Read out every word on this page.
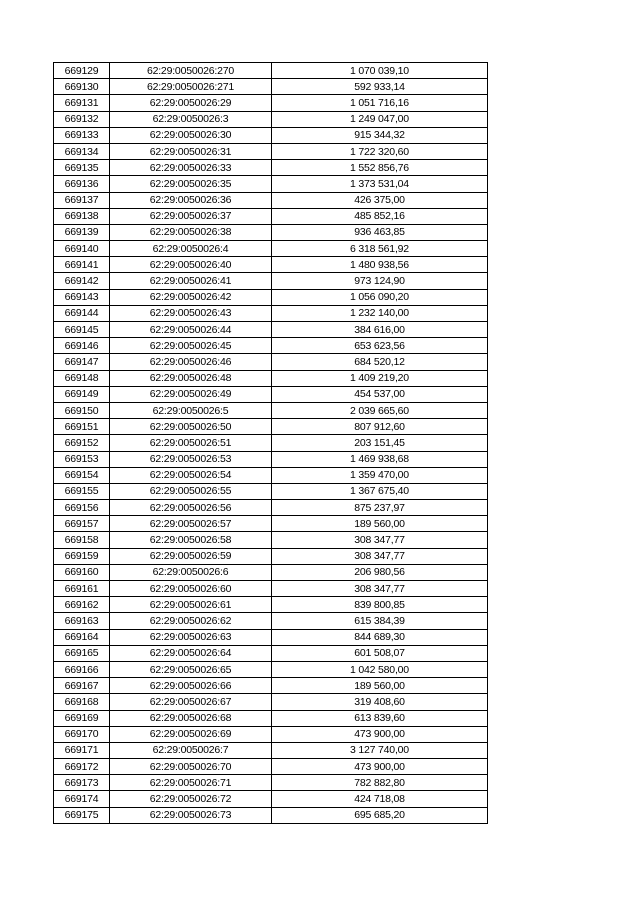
669129	62:29:0050026:270	1 070 039,10
669130	62:29:0050026:271	592 933,14
669131	62:29:0050026:29	1 051 716,16
669132	62:29:0050026:3	1 249 047,00
669133	62:29:0050026:30	915 344,32
669134	62:29:0050026:31	1 722 320,60
669135	62:29:0050026:33	1 552 856,76
669136	62:29:0050026:35	1 373 531,04
669137	62:29:0050026:36	426 375,00
669138	62:29:0050026:37	485 852,16
669139	62:29:0050026:38	936 463,85
669140	62:29:0050026:4	6 318 561,92
669141	62:29:0050026:40	1 480 938,56
669142	62:29:0050026:41	973 124,90
669143	62:29:0050026:42	1 056 090,20
669144	62:29:0050026:43	1 232 140,00
669145	62:29:0050026:44	384 616,00
669146	62:29:0050026:45	653 623,56
669147	62:29:0050026:46	684 520,12
669148	62:29:0050026:48	1 409 219,20
669149	62:29:0050026:49	454 537,00
669150	62:29:0050026:5	2 039 665,60
669151	62:29:0050026:50	807 912,60
669152	62:29:0050026:51	203 151,45
669153	62:29:0050026:53	1 469 938,68
669154	62:29:0050026:54	1 359 470,00
669155	62:29:0050026:55	1 367 675,40
669156	62:29:0050026:56	875 237,97
669157	62:29:0050026:57	189 560,00
669158	62:29:0050026:58	308 347,77
669159	62:29:0050026:59	308 347,77
669160	62:29:0050026:6	206 980,56
669161	62:29:0050026:60	308 347,77
669162	62:29:0050026:61	839 800,85
669163	62:29:0050026:62	615 384,39
669164	62:29:0050026:63	844 689,30
669165	62:29:0050026:64	601 508,07
669166	62:29:0050026:65	1 042 580,00
669167	62:29:0050026:66	189 560,00
669168	62:29:0050026:67	319 408,60
669169	62:29:0050026:68	613 839,60
669170	62:29:0050026:69	473 900,00
669171	62:29:0050026:7	3 127 740,00
669172	62:29:0050026:70	473 900,00
669173	62:29:0050026:71	782 882,80
669174	62:29:0050026:72	424 718,08
669175	62:29:0050026:73	695 685,20
